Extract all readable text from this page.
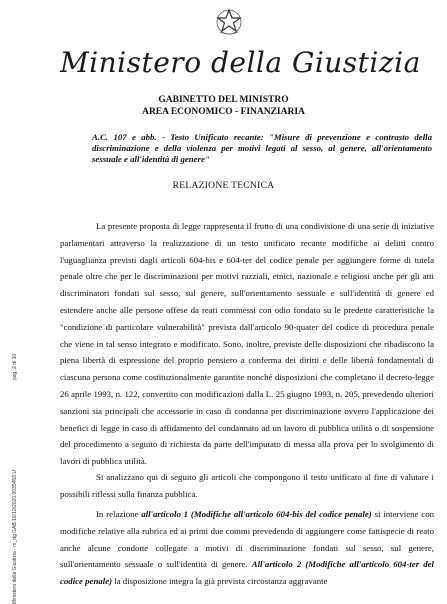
Ministero della Giustizia
GABINETTO DEL MINISTRO
AREA ECONOMICO - FINANZIARIA
A.C. 107 e abb. - Testo Unificato recante: "Misure di prevenzione e contrasto della discriminazione e della violenza per motivi legati al sesso, al genere, all'orientamento sessuale e all'identità di genere"
RELAZIONE TECNICA

La presente proposta di legge rappresenta il frutto di una condivisione di una serie di iniziative parlamentari attraverso la realizzazione di un testo unificato recante modifiche ai delitti contro l'uguaglianza previsti dagli articoli 604-bis e 604-ter del codice penale per aggiungere forme di tutela penale oltre che per le discriminazioni per motivi razziali, etnici, nazionale e religiosi anche per gli atti discriminatori fondati sul sesso, sul genere, sull'orientamento sessuale e sull'identità di genere ed estendere anche alle persone offese da reati commessi con odio fondato su le predette caratteristiche la "condizione di particolare vulnerabilità" prevista dall'articolo 90-quater del codice di procedura penale che viene in tal senso integrato e modificato. Sono, inoltre, previste delle disposizioni che ribadiscono la piena libertà di espressione del proprio pensiero a conferma dei diritti e delle libertà fondamentali di ciascuna persona come costituzionalmente garantite nonché disposizioni che completano il decreto-legge 26 aprile 1993, n. 122, convertito con modificazioni dalla L. 25 giugno 1993, n. 205, prevedendo ulteriori sanzioni sia principali che accessorie in caso di condanna per discriminazione ovvero l'applicazione dei benefici di legge in caso di affidamento del condannato ad un lavoro di pubblica utilità o di sospensione del procedimento a seguito di richiesta da parte dell'imputato di messa alla prova per lo svolgimento di lavori di pubblica utilità.

Si analizzano qui di seguito gli articoli che compongono il testo unificato al fine di valutare i possibili riflessi sulla finanza pubblica.

In relazione all'articolo 1 (Modifiche all'articolo 604-bis del codice penale) si interviene con modifiche relative alla rubrica ed ai primi due commi prevedendo di aggiungere come fattispecie di reato anche alcune condotte collegate a motivi di discriminazione fondati sul sesso, sul genere, sull'orientamento sessuale o sull'identità di genere. All'articolo 2 (Modifiche all'articolo 604-ter del codice penale) la disposizione integra la già prevista circostanza aggravante

Ministero della Giustizia - m_dg.GAB.16/10/2020.0035453.U
pag. 2 di 10
